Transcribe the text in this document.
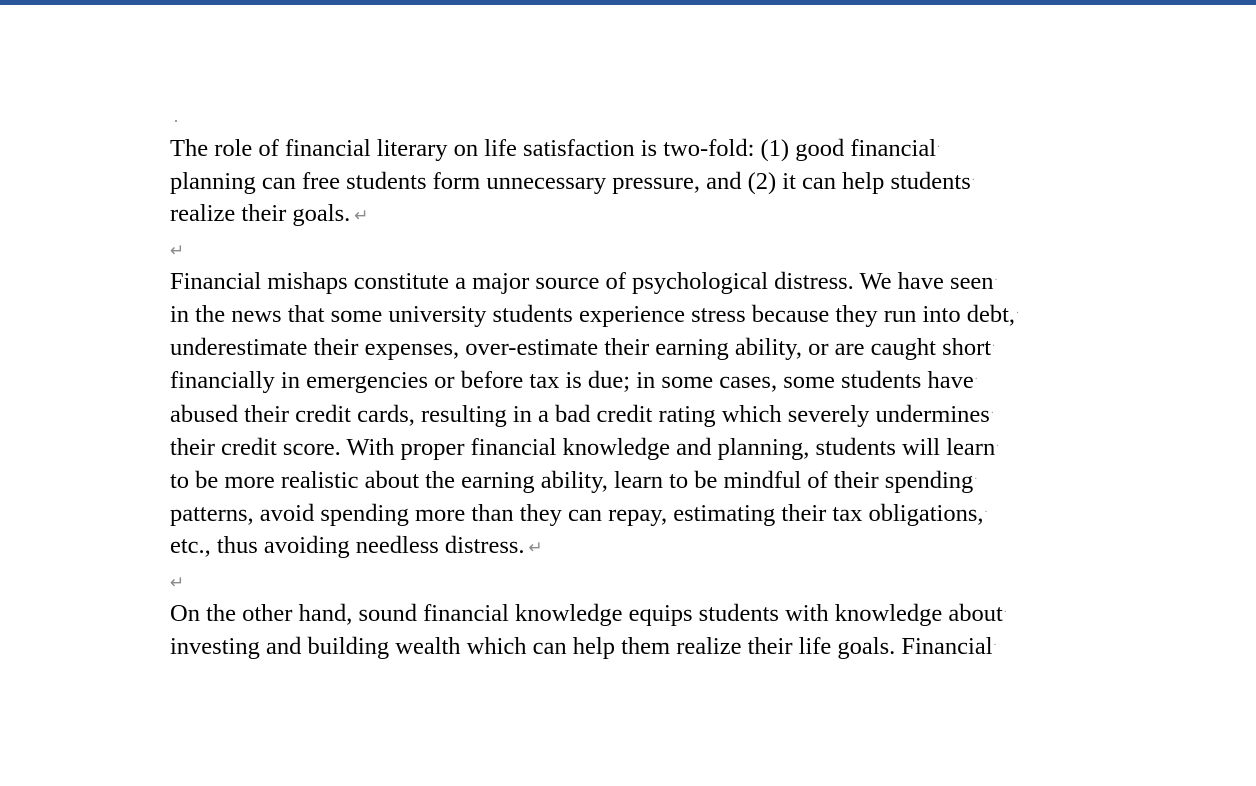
The role of financial literary on life satisfaction is two-fold: (1) good financial·
planning can free students form unnecessary pressure, and (2) it can help students·
realize their goals. ↵

↵

Financial mishaps constitute a major source of psychological distress. We have seen·
in the news that some university students experience stress because they run into debt,·
underestimate their expenses, over-estimate their earning ability, or are caught short·
financially in emergencies or before tax is due; in some cases, some students have·
abused their credit cards, resulting in a bad credit rating which severely undermines·
their credit score. With proper financial knowledge and planning, students will learn·
to be more realistic about the earning ability, learn to be mindful of their spending·
patterns, avoid spending more than they can repay, estimating their tax obligations,·
etc., thus avoiding needless distress. ↵

↵

On the other hand, sound financial knowledge equips students with knowledge about·
investing and building wealth which can help them realize their life goals. Financial·
